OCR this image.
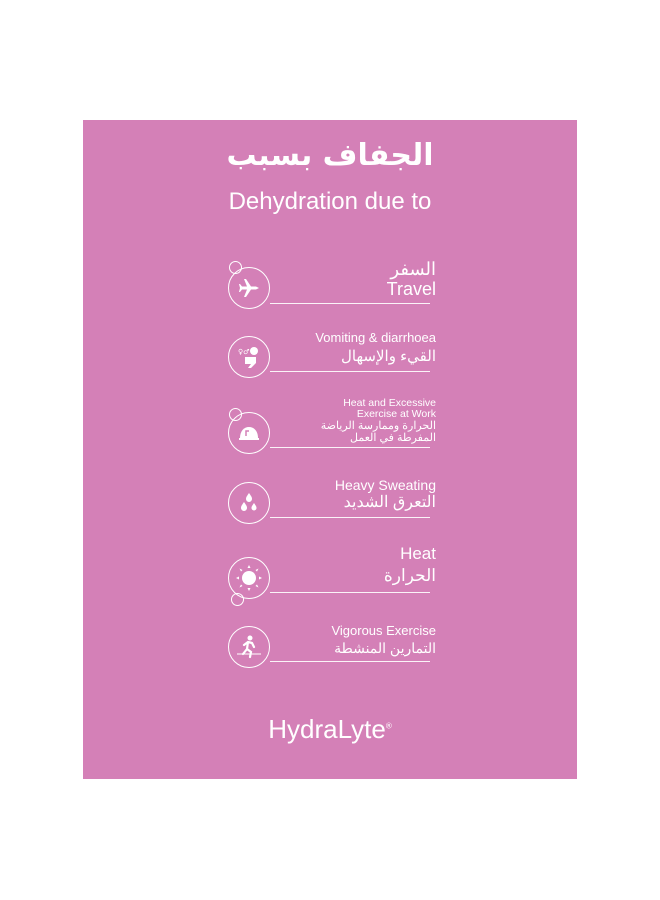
الجفاف بسبب
Dehydration due to
السفر
Travel
♀♂
Vomiting & diarrhoea
القيء والإسهال
Heat and Excessive
Exercise at Work
الحرارة وممارسة الرياضة
المفرطة في العمل
Heavy Sweating
التعرق الشديد
Heat
الحرارة
Vigorous Exercise
التمارين المنشطة
HydraLyte®
